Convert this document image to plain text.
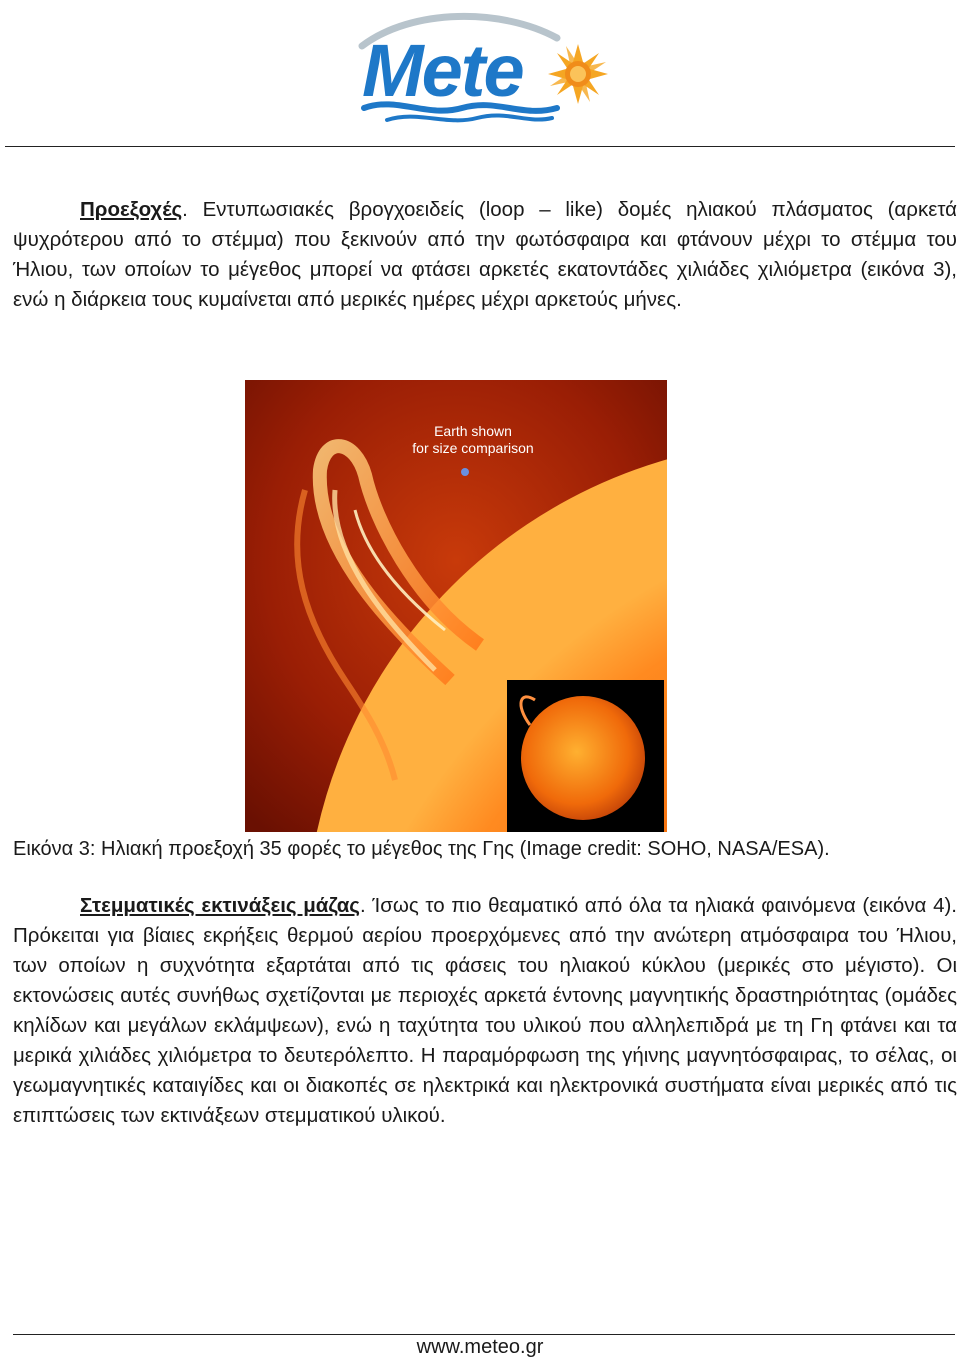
Mete

Προεξοχές. Εντυπωσιακές βρογχοειδείς (loop – like) δομές ηλιακού πλάσματος (αρκετά ψυχρότερου από το στέμμα) που ξεκινούν από την φωτόσφαιρα και φτάνουν μέχρι το στέμμα του Ήλιου, των οποίων το μέγεθος μπορεί να φτάσει αρκετές εκατοντάδες χιλιάδες χιλιόμετρα (εικόνα 3), ενώ η διάρκεια τους κυμαίνεται από μερικές ημέρες μέχρι αρκετούς μήνες.

Earth shown
for size comparison

Εικόνα 3: Ηλιακή προεξοχή 35 φορές το μέγεθος της Γης (Image credit: SOHO, NASA/ESA).

Στεμματικές εκτινάξεις μάζας. Ίσως το πιο θεαματικό από όλα τα ηλιακά φαινόμενα (εικόνα 4). Πρόκειται για βίαιες εκρήξεις θερμού αερίου προερχόμενες από την ανώτερη ατμόσφαιρα του Ήλιου, των οποίων η συχνότητα εξαρτάται από τις φάσεις του ηλιακού κύκλου (μερικές στο μέγιστο). Οι εκτονώσεις αυτές συνήθως σχετίζονται με περιοχές αρκετά έντονης μαγνητικής δραστηριότητας (ομάδες κηλίδων και μεγάλων εκλάμψεων), ενώ η ταχύτητα του υλικού που αλληλεπιδρά με τη Γη φτάνει και τα μερικά χιλιάδες χιλιόμετρα το δευτερόλεπτο. Η παραμόρφωση της γήινης μαγνητόσφαιρας, το σέλας, οι γεωμαγνητικές καταιγίδες και οι διακοπές σε ηλεκτρικά και ηλεκτρονικά συστήματα είναι μερικές από τις επιπτώσεις των εκτινάξεων στεμματικού υλικού.

www.meteo.gr
